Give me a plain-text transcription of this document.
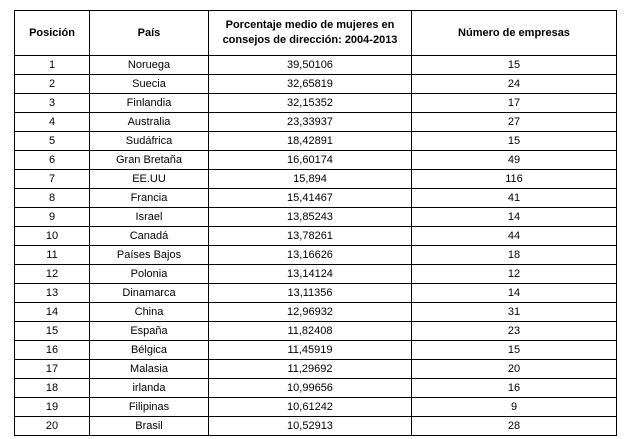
Posición	País	Porcentaje medio de mujeres en consejos de dirección: 2004-2013	Número de empresas
1	Noruega	39,50106	15
2	Suecia	32,65819	24
3	Finlandia	32,15352	17
4	Australia	23,33937	27
5	Sudáfrica	18,42891	15
6	Gran Bretaña	16,60174	49
7	EE.UU	15,894	116
8	Francia	15,41467	41
9	Israel	13,85243	14
10	Canadá	13,78261	44
11	Países Bajos	13,16626	18
12	Polonia	13,14124	12
13	Dinamarca	13,11356	14
14	China	12,96932	31
15	España	11,82408	23
16	Bélgica	11,45919	15
17	Malasia	11,29692	20
18	irlanda	10,99656	16
19	Filipinas	10,61242	9
20	Brasil	10,52913	28
